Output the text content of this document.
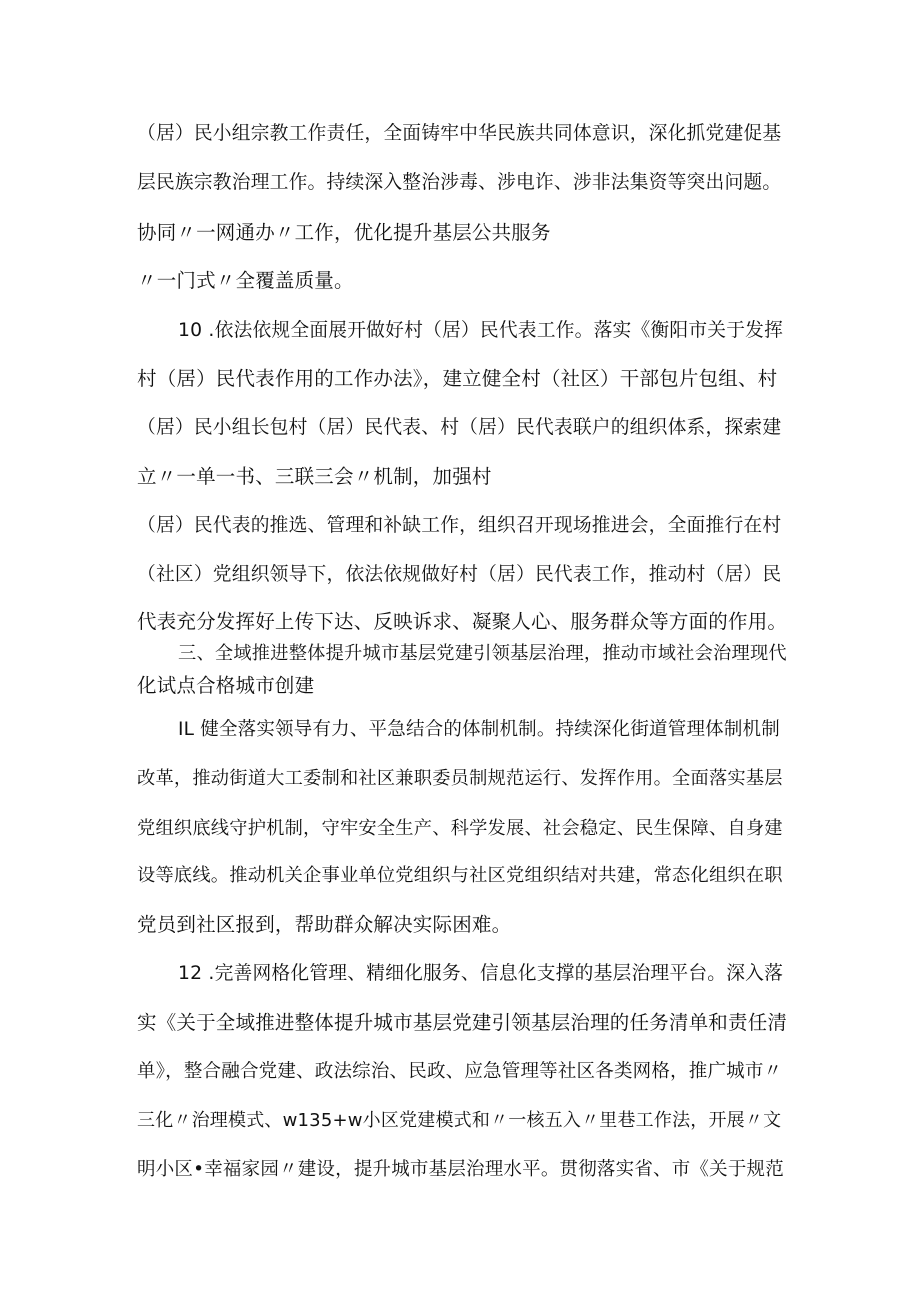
（居）民小组宗教工作责任，全面铸牢中华民族共同体意识，深化抓党建促基
层民族宗教治理工作。持续深入整治涉毒、涉电诈、涉非法集资等突出问题。
协同〃一网通办〃工作，优化提升基层公共服务
〃一门式〃全覆盖质量。
10 .依法依规全面展开做好村（居）民代表工作。落实《衡阳市关于发挥
村（居）民代表作用的工作办法》，建立健全村（社区）干部包片包组、村
（居）民小组长包村（居）民代表、村（居）民代表联户的组织体系，探索建
立〃一单一书、三联三会〃机制，加强村
（居）民代表的推选、管理和补缺工作，组织召开现场推进会，全面推行在村
（社区）党组织领导下，依法依规做好村（居）民代表工作，推动村（居）民
代表充分发挥好上传下达、反映诉求、凝聚人心、服务群众等方面的作用。
三、全域推进整体提升城市基层党建引领基层治理，推动市域社会治理现代
化试点合格城市创建
IL 健全落实领导有力、平急结合的体制机制。持续深化街道管理体制机制
改革，推动街道大工委制和社区兼职委员制规范运行、发挥作用。全面落实基层
党组织底线守护机制，守牢安全生产、科学发展、社会稳定、民生保障、自身建
设等底线。推动机关企事业单位党组织与社区党组织结对共建，常态化组织在职
党员到社区报到，帮助群众解决实际困难。
12 .完善网格化管理、精细化服务、信息化支撑的基层治理平台。深入落
实《关于全域推进整体提升城市基层党建引领基层治理的任务清单和责任清
单》，整合融合党建、政法综治、民政、应急管理等社区各类网格，推广城市〃
三化〃治理模式、w135+w小区党建模式和〃一核五入〃里巷工作法，开展〃文
明小区•幸福家园〃建设，提升城市基层治理水平。贯彻落实省、市《关于规范
